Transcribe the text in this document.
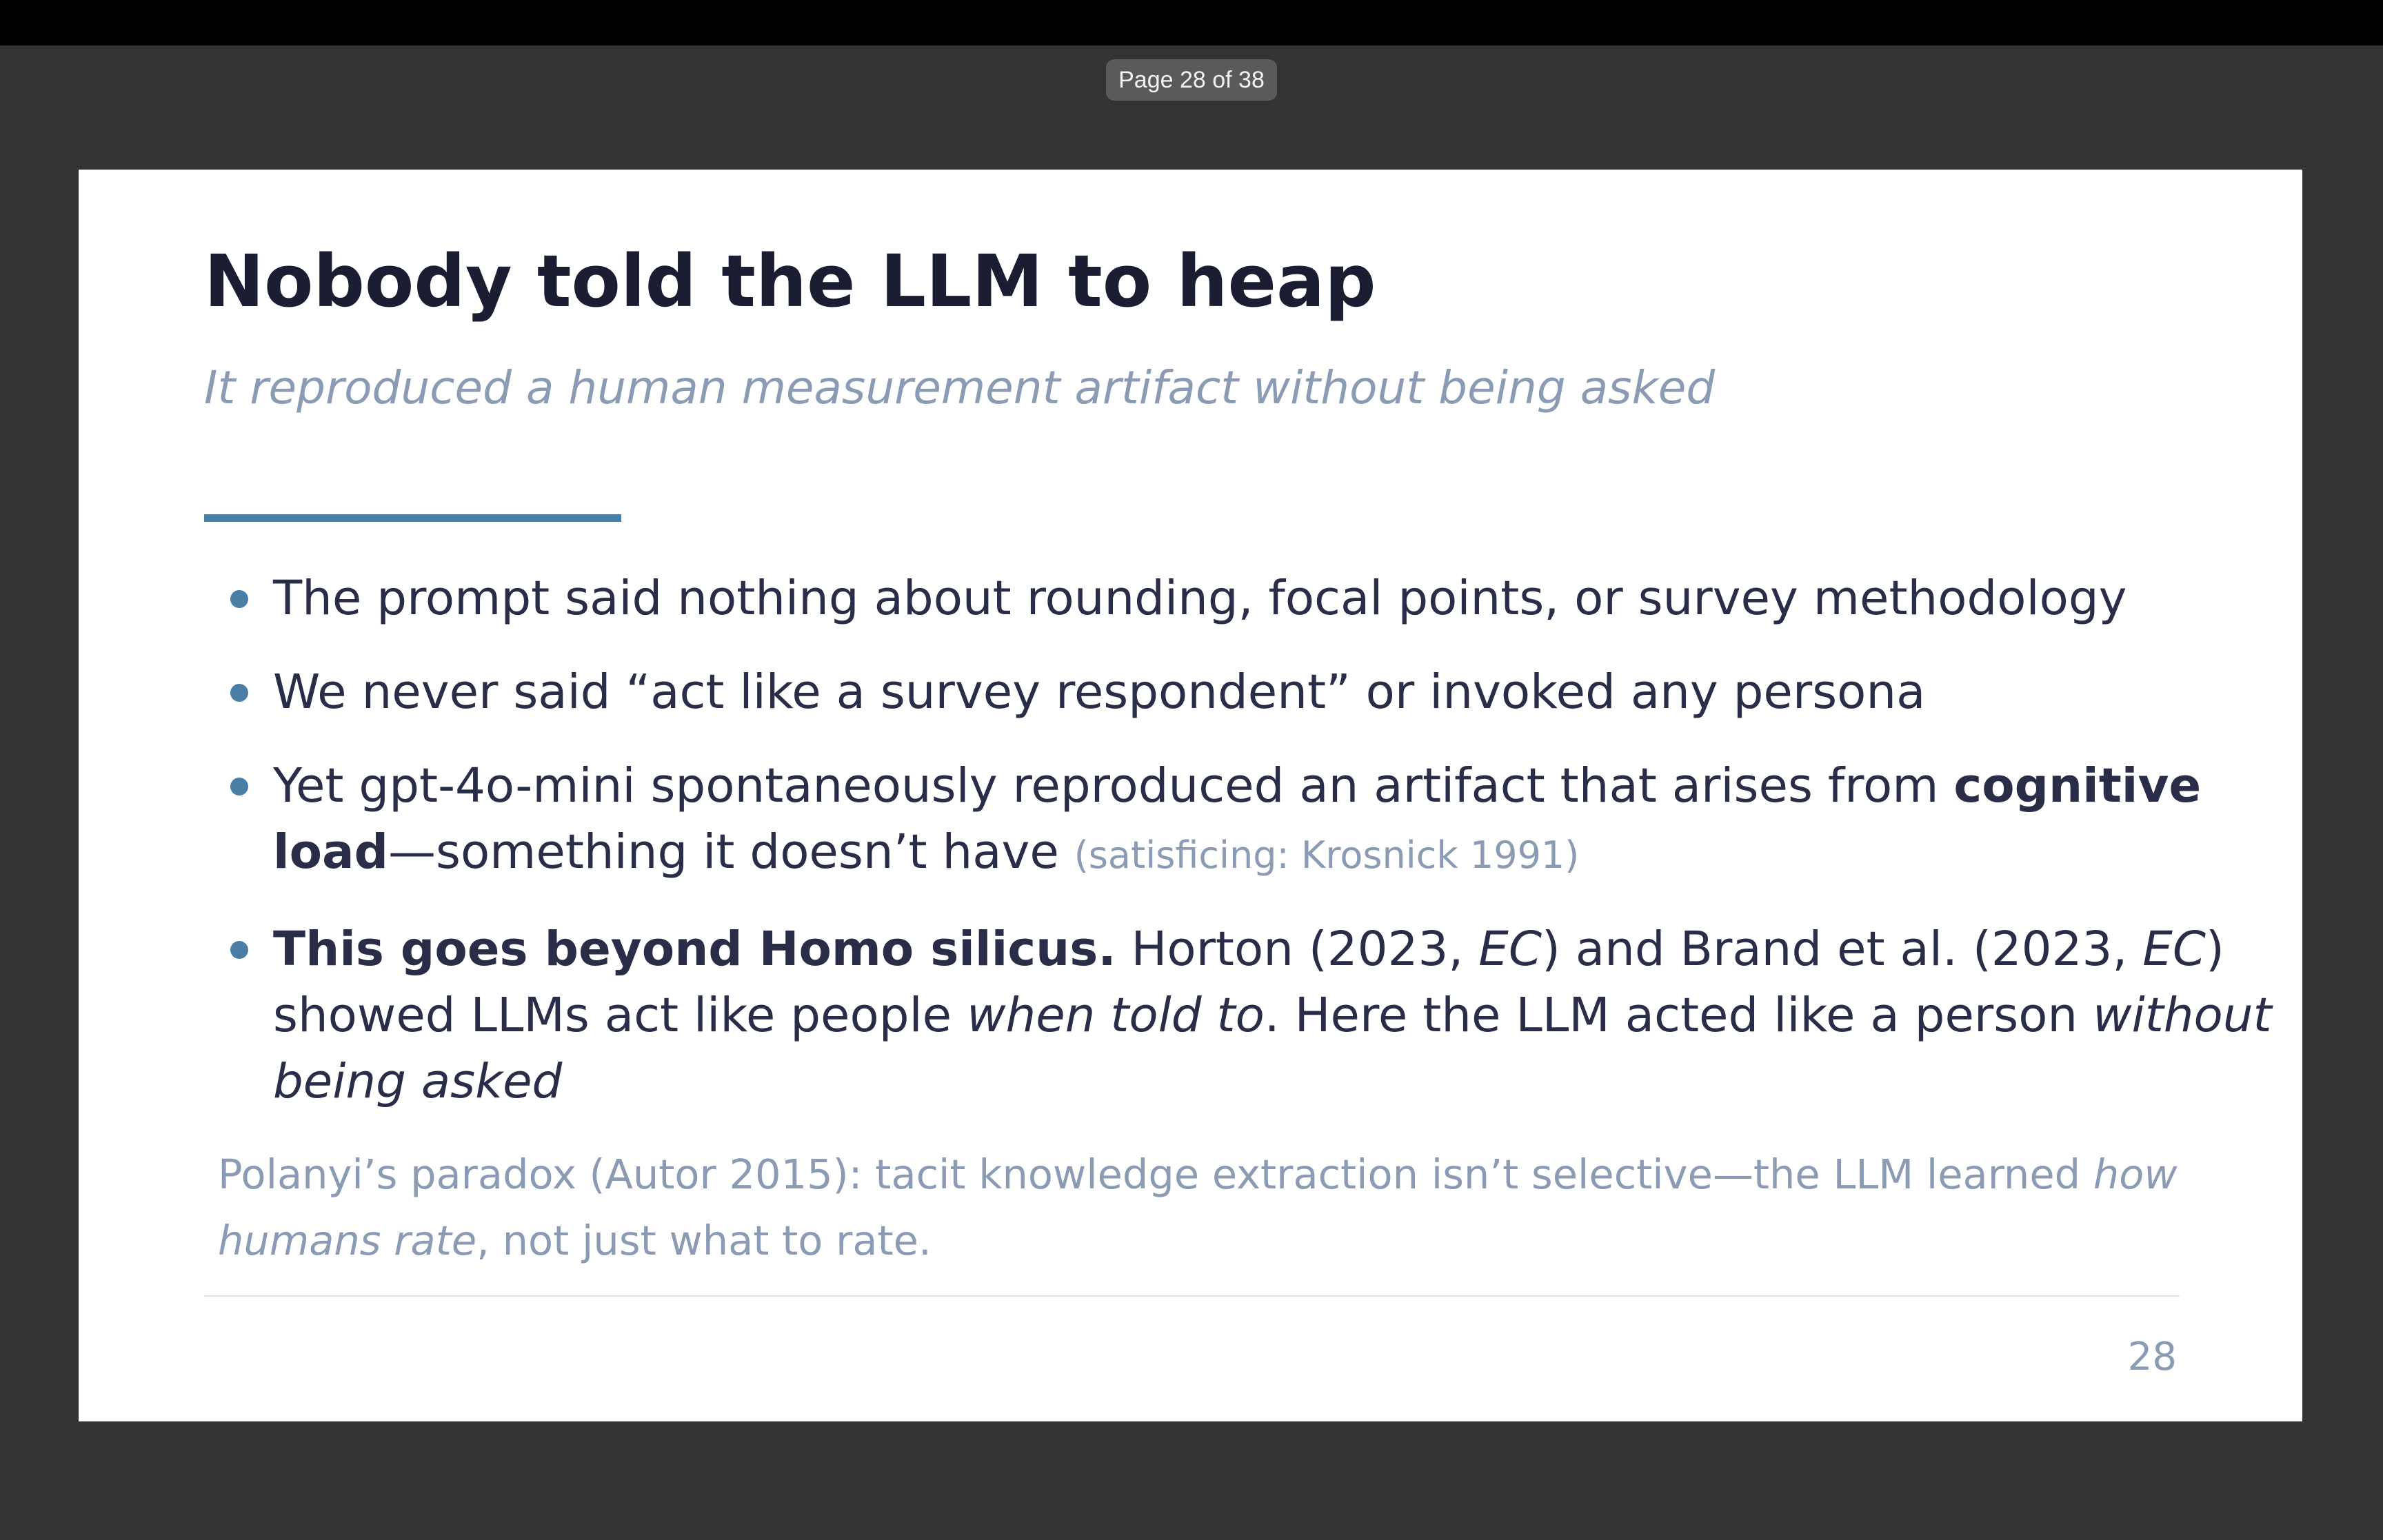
Page 28 of 38
Nobody told the LLM to heap

It reproduced a human measurement artifact without being asked

The prompt said nothing about rounding, focal points, or survey methodology
We never said “act like a survey respondent” or invoked any persona
Yet gpt-4o-mini spontaneously reproduced an artifact that arises from cognitive load—something it doesn’t have (satisficing: Krosnick 1991)
This goes beyond Homo silicus. Horton (2023, EC) and Brand et al. (2023, EC) showed LLMs act like people when told to. Here the LLM acted like a person without being asked
Polanyi’s paradox (Autor 2015): tacit knowledge extraction isn’t selective—the LLM learned how humans rate, not just what to rate.
28
